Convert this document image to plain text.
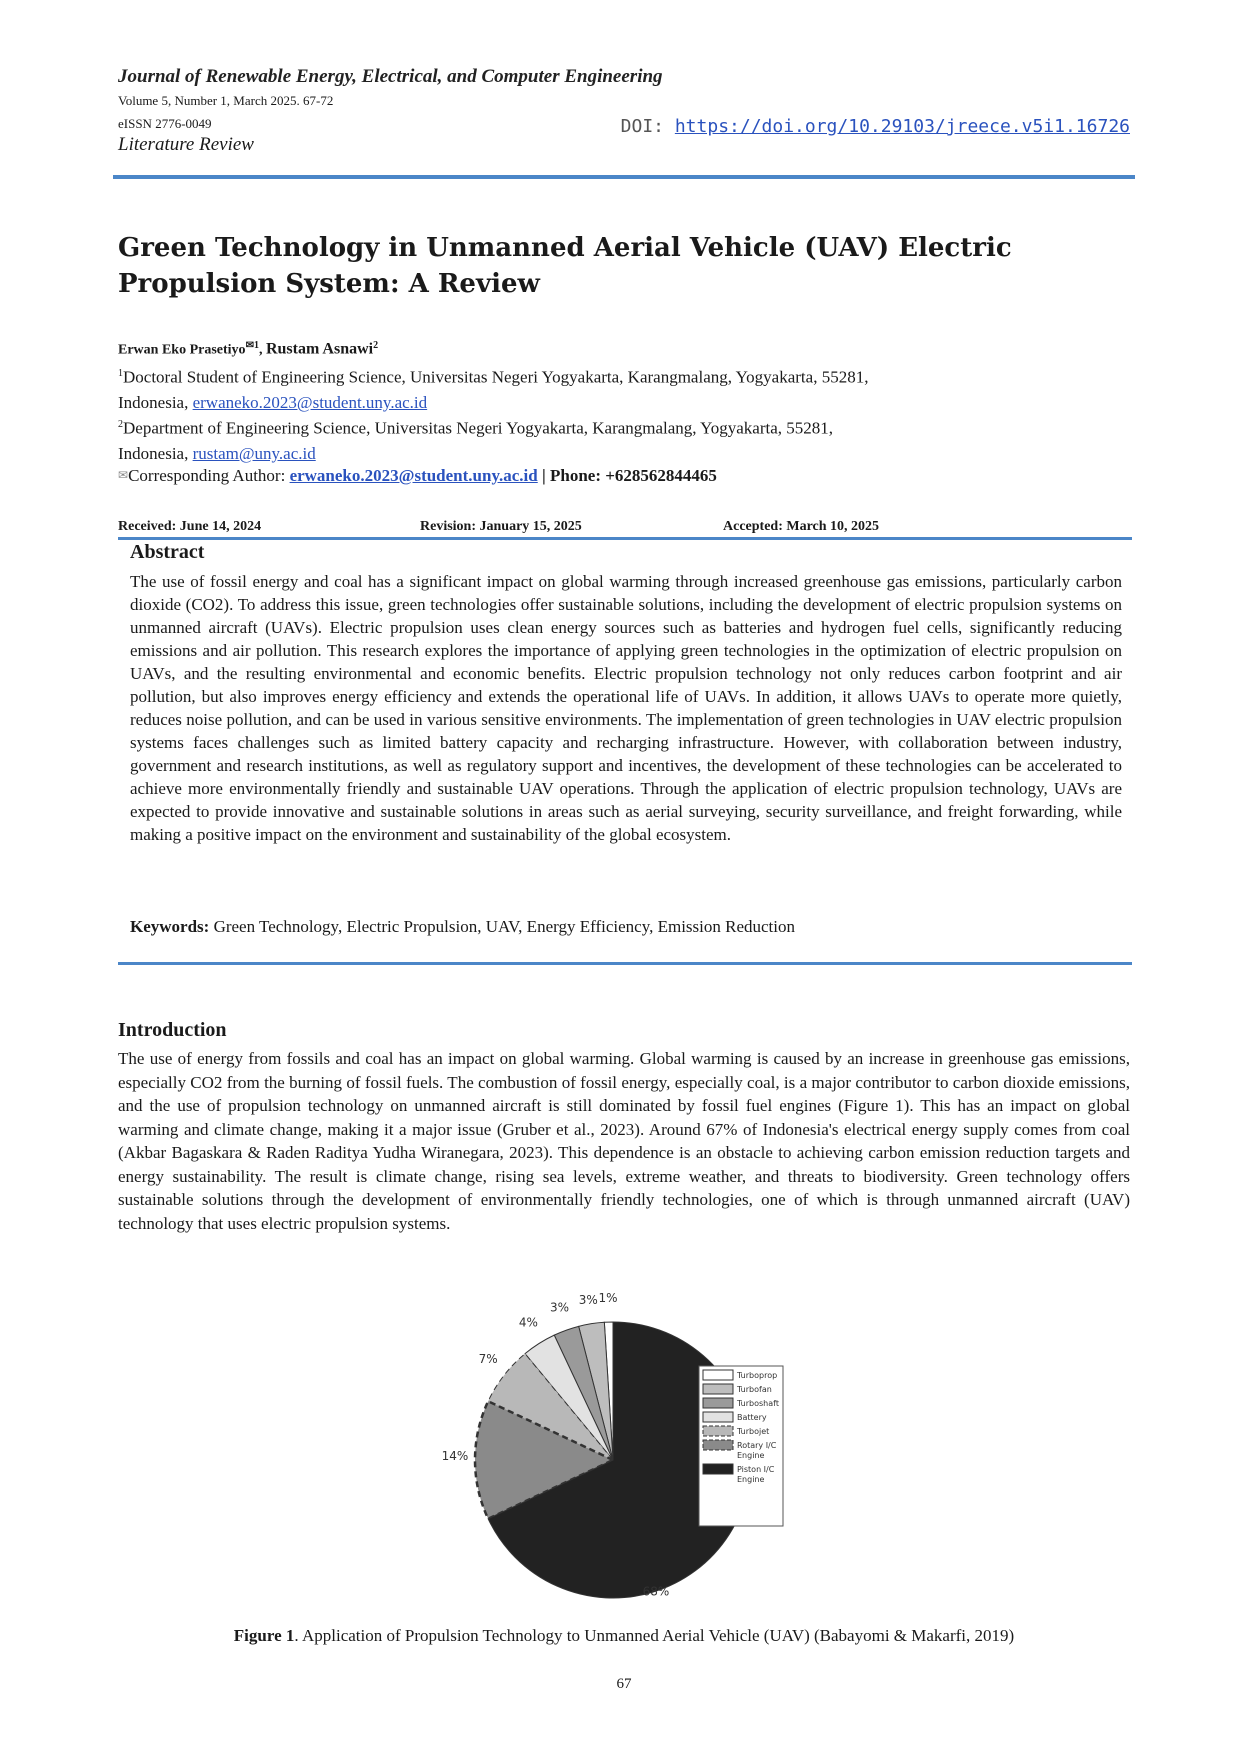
Journal of Renewable Energy, Electrical, and Computer Engineering
Volume 5, Number 1, March 2025. 67-72
eISSN 2776-0049
Literature Review
DOI: https://doi.org/10.29103/jreece.v5i1.16726
Green Technology in Unmanned Aerial Vehicle (UAV) Electric Propulsion System: A Review
Erwan Eko Prasetiyo$^{✉1}$, Rustam Asnawi$^2$
$^1$Doctoral Student of Engineering Science, Universitas Negeri Yogyakarta, Karangmalang, Yogyakarta, 55281,
Indonesia, erwaneko.2023@student.uny.ac.id
$^2$Department of Engineering Science, Universitas Negeri Yogyakarta, Karangmalang, Yogyakarta, 55281,
Indonesia, rustam@uny.ac.id
✉Corresponding Author: erwaneko.2023@student.uny.ac.id | Phone: +628562844465
Received: June 14, 2024	Revision: January 15, 2025	Accepted: March 10, 2025
Abstract
The use of fossil energy and coal has a significant impact on global warming through increased greenhouse gas emissions, particularly carbon dioxide (CO2). To address this issue, green technologies offer sustainable solutions, including the development of electric propulsion systems on unmanned aircraft (UAVs). Electric propulsion uses clean energy sources such as batteries and hydrogen fuel cells, significantly reducing emissions and air pollution. This research explores the importance of applying green technologies in the optimization of electric propulsion on UAVs, and the resulting environmental and economic benefits. Electric propulsion technology not only reduces carbon footprint and air pollution, but also improves energy efficiency and extends the operational life of UAVs. In addition, it allows UAVs to operate more quietly, reduces noise pollution, and can be used in various sensitive environments. The implementation of green technologies in UAV electric propulsion systems faces challenges such as limited battery capacity and recharging infrastructure. However, with collaboration between industry, government and research institutions, as well as regulatory support and incentives, the development of these technologies can be accelerated to achieve more environmentally friendly and sustainable UAV operations. Through the application of electric propulsion technology, UAVs are expected to provide innovative and sustainable solutions in areas such as aerial surveying, security surveillance, and freight forwarding, while making a positive impact on the environment and sustainability of the global ecosystem.
Keywords: Green Technology, Electric Propulsion, UAV, Energy Efficiency, Emission Reduction
Introduction
The use of energy from fossils and coal has an impact on global warming. Global warming is caused by an increase in greenhouse gas emissions, especially CO2 from the burning of fossil fuels. The combustion of fossil energy, especially coal, is a major contributor to carbon dioxide emissions, and the use of propulsion technology on unmanned aircraft is still dominated by fossil fuel engines (Figure 1). This has an impact on global warming and climate change, making it a major issue (Gruber et al., 2023). Around 67% of Indonesia's electrical energy supply comes from coal (Akbar Bagaskara & Raden Raditya Yudha Wiranegara, 2023). This dependence is an obstacle to achieving carbon emission reduction targets and energy sustainability. The result is climate change, rising sea levels, extreme weather, and threats to biodiversity. Green technology offers sustainable solutions through the development of environmentally friendly technologies, one of which is through unmanned aircraft (UAV) technology that uses electric propulsion systems.
1%
3%
3%
4%
7%
14%
68%
Turboprop
Turbofan
Turboshaft
Battery
Turbojet
Rotary I/C
Engine
Piston I/C
Engine
Figure 1. Application of Propulsion Technology to Unmanned Aerial Vehicle (UAV) (Babayomi & Makarfi, 2019)
67
